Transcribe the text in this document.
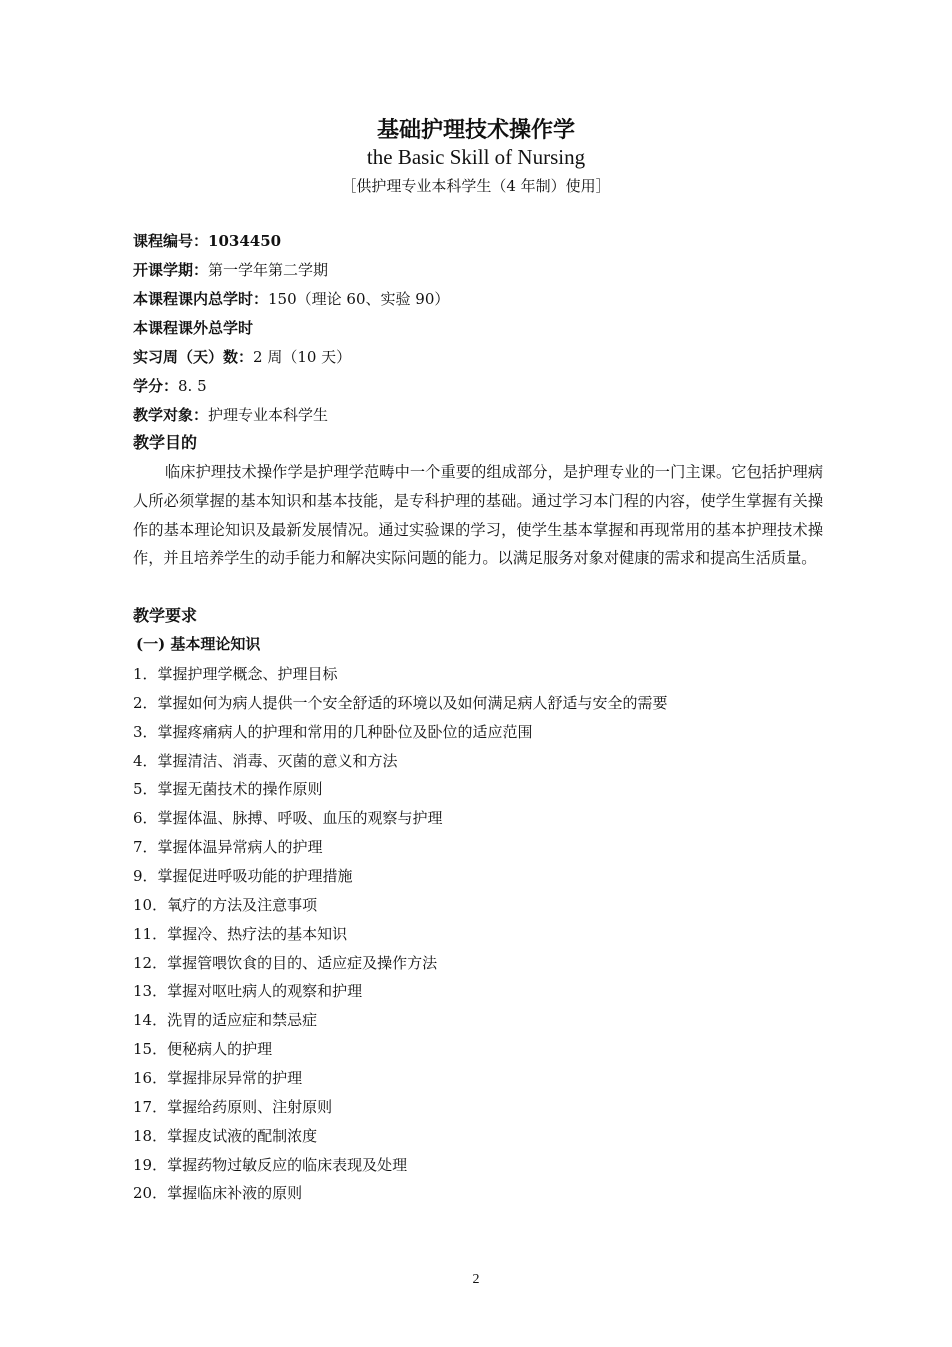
基础护理技术操作学
the Basic Skill of Nursing
［供护理专业本科学生（4 年制）使用］
课程编号：1034450
开课学期：第一学年第二学期
本课程课内总学时：150（理论 60、实验 90）
本课程课外总学时
实习周（天）数：2 周（10 天）
学分：8. 5
教学对象：护理专业本科学生
教学目的
临床护理技术操作学是护理学范畴中一个重要的组成部分，是护理专业的一门主课。它包括护理病人所必须掌握的基本知识和基本技能，是专科护理的基础。通过学习本门程的内容，使学生掌握有关操作的基本理论知识及最新发展情况。通过实验课的学习，使学生基本掌握和再现常用的基本护理技术操作，并且培养学生的动手能力和解决实际问题的能力。以满足服务对象对健康的需求和提高生活质量。
教学要求
(一) 基本理论知识
1．掌握护理学概念、护理目标
2．掌握如何为病人提供一个安全舒适的环境以及如何满足病人舒适与安全的需要
3．掌握疼痛病人的护理和常用的几种卧位及卧位的适应范围
4．掌握清洁、消毒、灭菌的意义和方法
5．掌握无菌技术的操作原则
6．掌握体温、脉搏、呼吸、血压的观察与护理
7．掌握体温异常病人的护理
9．掌握促进呼吸功能的护理措施
10．氧疗的方法及注意事项
11．掌握冷、热疗法的基本知识
12．掌握管喂饮食的目的、适应症及操作方法
13．掌握对呕吐病人的观察和护理
14．洗胃的适应症和禁忌症
15．便秘病人的护理
16．掌握排尿异常的护理
17．掌握给药原则、注射原则
18．掌握皮试液的配制浓度
19．掌握药物过敏反应的临床表现及处理
20．掌握临床补液的原则
2
